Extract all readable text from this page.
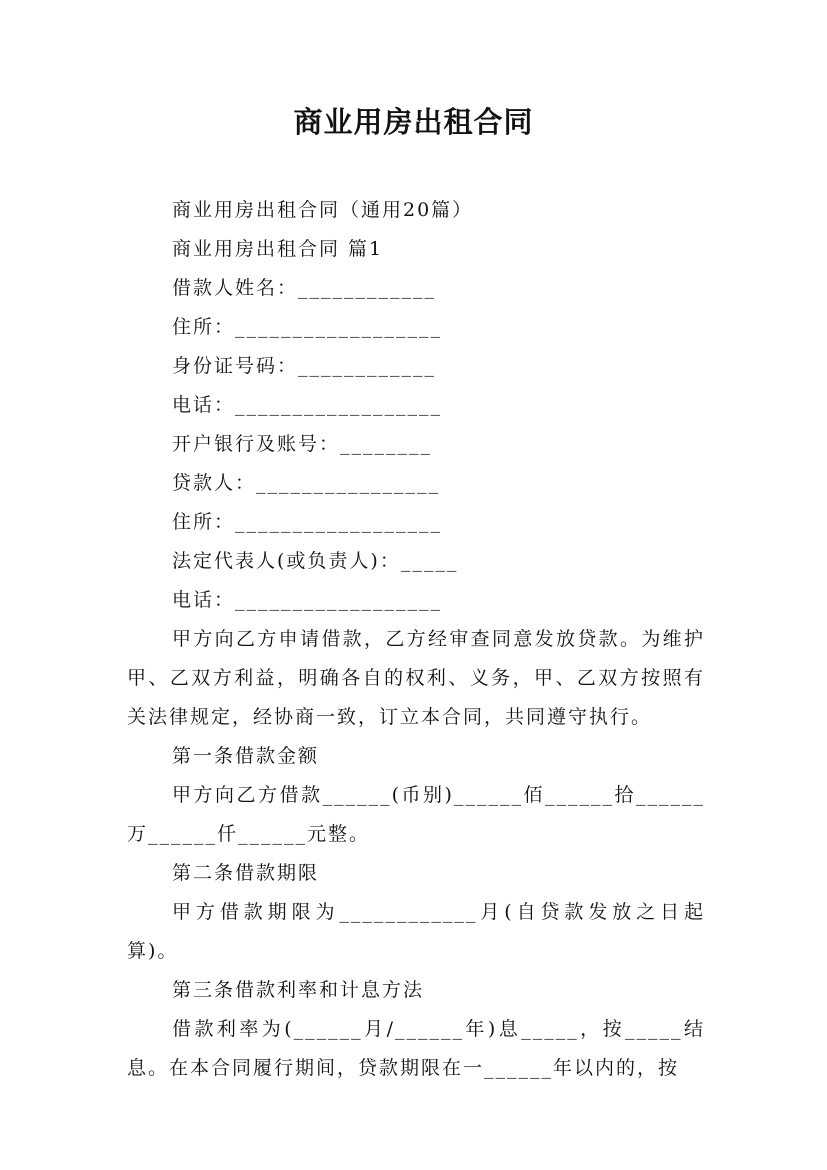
商业用房出租合同
商业用房出租合同（通用20篇）
商业用房出租合同 篇1
借款人姓名：____________
住所：__________________
身份证号码：____________
电话：__________________
开户银行及账号：________
贷款人：________________
住所：__________________
法定代表人(或负责人)：_____
电话：__________________
甲方向乙方申请借款，乙方经审查同意发放贷款。为维护甲、乙双方利益，明确各自的权利、义务，甲、乙双方按照有关法律规定，经协商一致，订立本合同，共同遵守执行。
第一条借款金额
甲方向乙方借款______(币别)______佰______拾______万______仟______元整。
第二条借款期限
甲方借款期限为____________月(自贷款发放之日起算)。
第三条借款利率和计息方法
借款利率为(______月/______年)息_____，按_____结息。在本合同履行期间，贷款期限在一______年以内的，按
